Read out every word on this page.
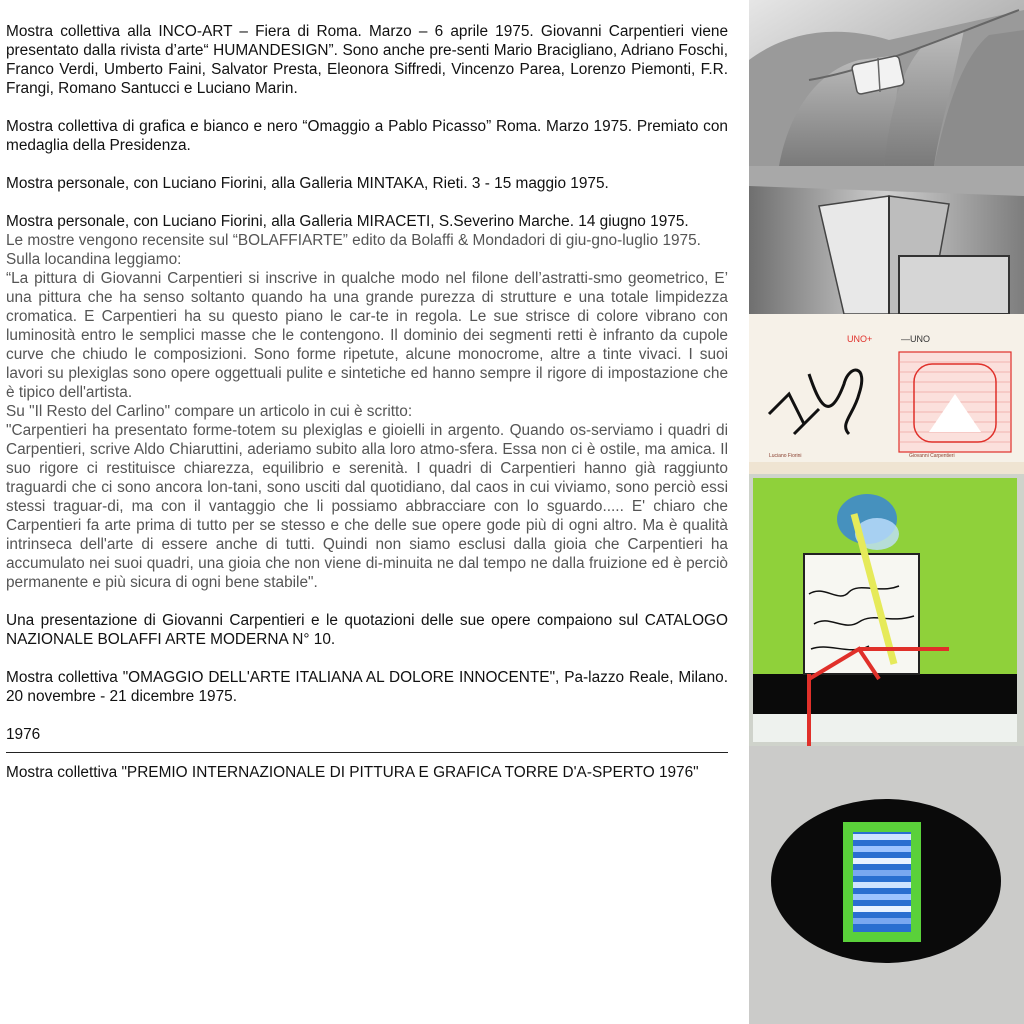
Mostra collettiva alla INCO-ART – Fiera di Roma. Marzo – 6 aprile 1975. Giovanni Carpentieri viene presentato dalla rivista d’arte“ HUMANDESIGN”. Sono anche pre-senti Mario Bracigliano, Adriano Foschi, Franco Verdi, Umberto Faini, Salvator Presta, Eleonora Siffredi, Vincenzo Parea, Lorenzo Piemonti, F.R. Frangi, Romano Santucci e Luciano Marin.

Mostra collettiva di grafica e bianco e nero “Omaggio a Pablo Picasso” Roma. Marzo 1975. Premiato con medaglia della Presidenza.

Mostra personale, con Luciano Fiorini, alla Galleria MINTAKA, Rieti. 3 - 15 maggio 1975.

Mostra personale, con Luciano Fiorini, alla Galleria MIRACETI, S.Severino Marche. 14 giugno 1975.

Le mostre vengono recensite sul “BOLAFFIARTE” edito da Bolaffi & Mondadori di giu-gno-luglio 1975.

Sulla locandina leggiamo:

“La pittura di Giovanni Carpentieri si inscrive in qualche modo nel filone dell’astratti-smo geometrico, E’ una pittura che ha senso soltanto quando ha una grande purezza di strutture e una totale limpidezza cromatica. E Carpentieri ha su questo piano le car-te in regola. Le sue strisce di colore vibrano con luminosità entro le semplici masse che le contengono. Il dominio dei segmenti retti è infranto da cupole curve che chiudo le composizioni. Sono forme ripetute, alcune monocrome, altre a tinte vivaci. I suoi lavori su plexiglas sono opere oggettuali pulite e sintetiche ed hanno sempre il rigore di impostazione che è tipico dell'artista.

Su "Il Resto del Carlino" compare un articolo in cui è scritto:

"Carpentieri ha presentato forme-totem su plexiglas e gioielli in argento. Quando os-serviamo i quadri di Carpentieri, scrive Aldo Chiaruttini, aderiamo subito alla loro atmo-sfera. Essa non ci è ostile, ma amica. Il suo rigore ci restituisce chiarezza, equilibrio e serenità. I quadri di Carpentieri hanno già raggiunto traguardi che ci sono ancora lon-tani, sono usciti dal quotidiano, dal caos in cui viviamo, sono perciò essi stessi traguar-di, ma con il vantaggio che li possiamo abbracciare con lo sguardo..... E' chiaro che Carpentieri fa arte prima di tutto per se stesso e che delle sue opere gode più di ogni altro. Ma è qualità intrinseca dell'arte di essere anche di tutti. Quindi non siamo esclusi dalla gioia che Carpentieri ha accumulato nei suoi quadri, una gioia che non viene di-minuita ne dal tempo ne dalla fruizione ed è perciò permanente e più sicura di ogni bene stabile".

Una presentazione di Giovanni Carpentieri e le quotazioni delle sue opere compaiono sul CATALOGO NAZIONALE BOLAFFI ARTE MODERNA N° 10.

Mostra collettiva "OMAGGIO DELL'ARTE ITALIANA AL DOLORE INNOCENTE", Pa-lazzo Reale, Milano. 20 novembre - 21 dicembre 1975.

1976

Mostra collettiva "PREMIO INTERNAZIONALE DI PITTURA E GRAFICA TORRE D'A-SPERTO 1976"

UNO+	—UNO
Luciano Fiorini	Giovanni Carpentieri
